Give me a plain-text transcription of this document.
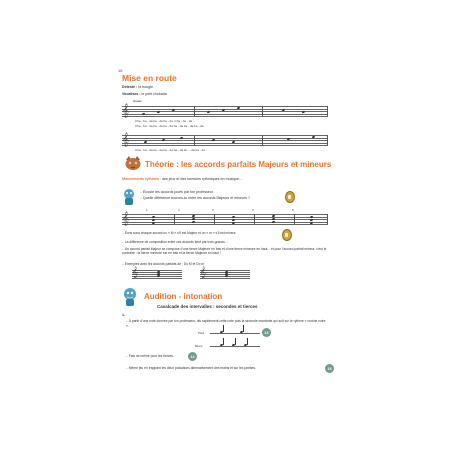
16
Mise en route
Détente : la bougie.
Vocalises : le petit chobada
Assez
𝄞
Cha - ba - da ba - da ba - da, Cha - ba - da ...
Cha - ba - da ba - da ba - da ba - da ba - da ba - da
𝄞
Cha - ba - da ba - da ba - da ba - da bo ... da ba - da
Théorie : les accords parfaits Majeurs et mineurs
Mouvements rythmés : des jeux et des formules rythmiques en musique...
– Écoute les accords joués par ton professeur.
– Quelle différence trouves-tu entre les accords Majeurs et mineurs ?
𝄞
1	2	3	4	5
– Écris sous chaque accord un « M » s'il est Majeur et un « m » s'il est mineur.
– La différence de composition entre ces accords tient par trois grands...
– Un accord parfait Majeur se compose d'une tierce Majeure en bas et d'une tierce mineure en haut... et pour l'accord parfait mineur, c'est le contraire : la tierce mineure est en bas et la tierce Majeure en haut !
– Exemples avec les accords parfaits de : Do M et Do m
𝄞	𝄞
Audition - intonation
Cavalcade des intervalles : secondes et tierces
1.
– À partir d'une note donnée par ton professeur, dis rapidement cette note puis la seconde montante qui suit sur le rythme « croche noire ».
Pied	13
Blocs
– Fais de même pour les tierces.	14
– Même jeu en frappant les deux pulsations alternativement des mains et sur les jambes.	15
